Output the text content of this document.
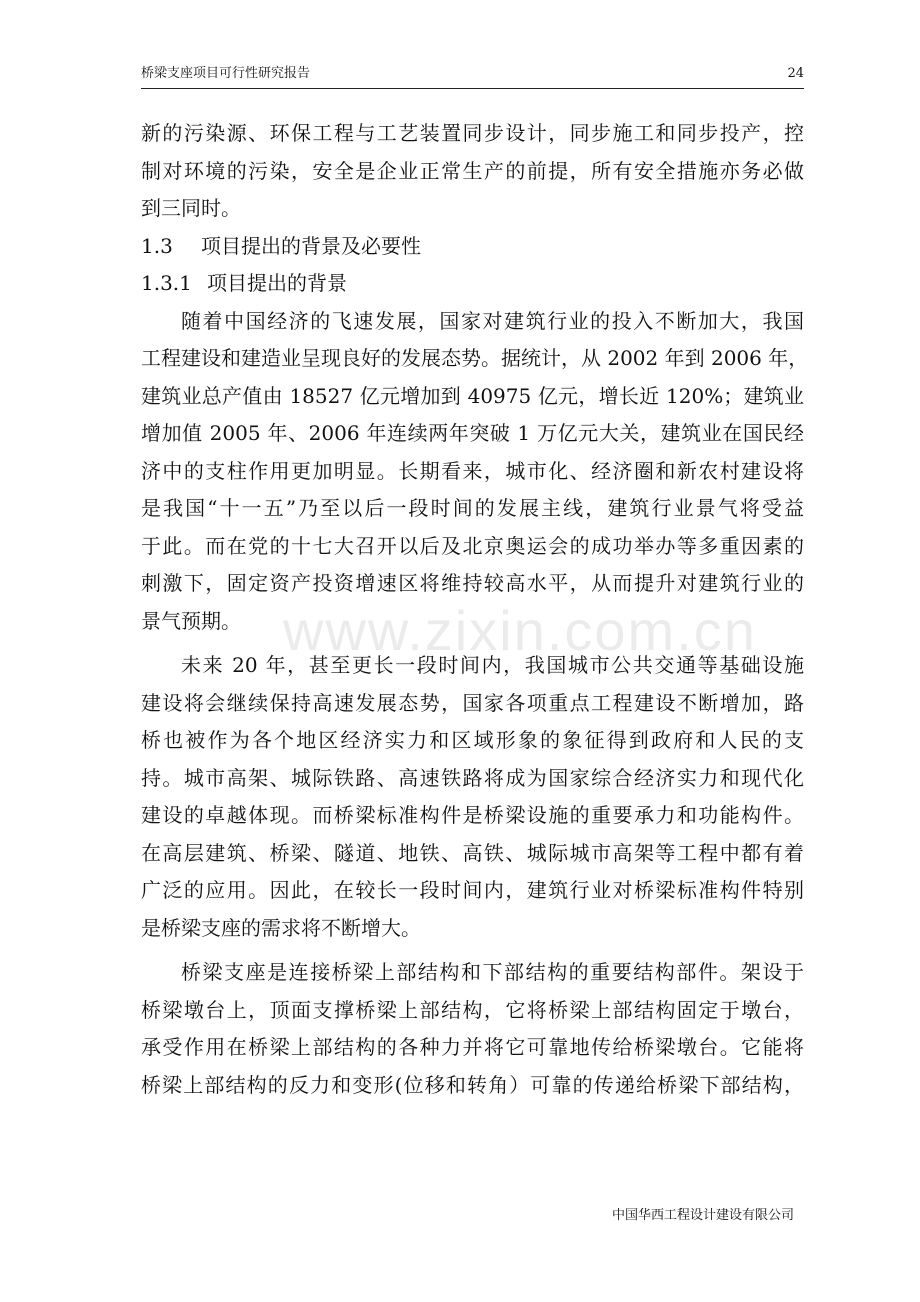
桥梁支座项目可行性研究报告	24
www.zixin.com.cn
新的污染源、环保工程与工艺装置同步设计，同步施工和同步投产，控
制对环境的污染，安全是企业正常生产的前提，所有安全措施亦务必做
到三同时。
1.3 项目提出的背景及必要性
1.3.1 项目提出的背景
随着中国经济的飞速发展，国家对建筑行业的投入不断加大，我国
工程建设和建造业呈现良好的发展态势。据统计，从 2002 年到 2006 年，
建筑业总产值由 18527 亿元增加到 40975 亿元，增长近 120%；建筑业
增加值 2005 年、2006 年连续两年突破 1 万亿元大关，建筑业在国民经
济中的支柱作用更加明显。长期看来，城市化、经济圈和新农村建设将
是我国“十一五”乃至以后一段时间的发展主线，建筑行业景气将受益
于此。而在党的十七大召开以后及北京奥运会的成功举办等多重因素的
刺激下，固定资产投资增速区将维持较高水平，从而提升对建筑行业的
景气预期。
未来 20 年，甚至更长一段时间内，我国城市公共交通等基础设施
建设将会继续保持高速发展态势，国家各项重点工程建设不断增加，路
桥也被作为各个地区经济实力和区域形象的象征得到政府和人民的支
持。城市高架、城际铁路、高速铁路将成为国家综合经济实力和现代化
建设的卓越体现。而桥梁标准构件是桥梁设施的重要承力和功能构件。
在高层建筑、桥梁、隧道、地铁、高铁、城际城市高架等工程中都有着
广泛的应用。因此，在较长一段时间内，建筑行业对桥梁标准构件特别
是桥梁支座的需求将不断增大。
桥梁支座是连接桥梁上部结构和下部结构的重要结构部件。架设于
桥梁墩台上，顶面支撑桥梁上部结构，它将桥梁上部结构固定于墩台，
承受作用在桥梁上部结构的各种力并将它可靠地传给桥梁墩台。它能将
桥梁上部结构的反力和变形(位移和转角）可靠的传递给桥梁下部结构，
中国华西工程设计建设有限公司
